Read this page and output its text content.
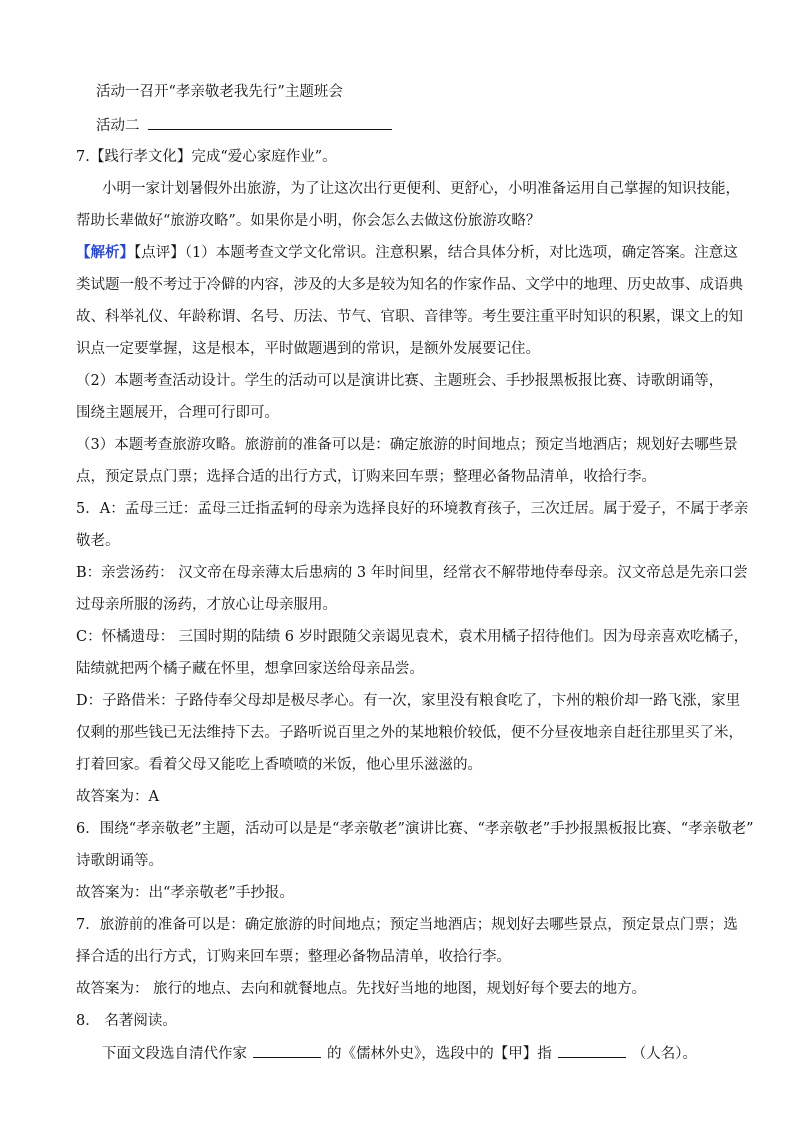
活动一召开“孝亲敬老我先行”主题班会
活动二
7.【践行孝文化】完成“爱心家庭作业”。
小明一家计划暑假外出旅游，为了让这次出行更便利、更舒心，小明准备运用自己掌握的知识技能，
帮助长辈做好“旅游攻略”。如果你是小明，你会怎么去做这份旅游攻略？
【解析】【点评】（1）本题考查文学文化常识。注意积累，结合具体分析，对比选项，确定答案。注意这
类试题一般不考过于冷僻的内容，涉及的大多是较为知名的作家作品、文学中的地理、历史故事、成语典
故、科举礼仪、年龄称谓、名号、历法、节气、官职、音律等。考生要注重平时知识的积累，课文上的知
识点一定要掌握，这是根本，平时做题遇到的常识，是额外发展要记住。
（2）本题考查活动设计。学生的活动可以是演讲比赛、主题班会、手抄报黑板报比赛、诗歌朗诵等，
围绕主题展开，合理可行即可。
（3）本题考查旅游攻略。旅游前的准备可以是：确定旅游的时间地点；预定当地酒店；规划好去哪些景
点，预定景点门票；选择合适的出行方式，订购来回车票；整理必备物品清单，收拾行李。
5．A：孟母三迁：孟母三迁指孟轲的母亲为选择良好的环境教育孩子，三次迁居。属于爱子，不属于孝亲
敬老。
B：亲尝汤药： 汉文帝在母亲薄太后患病的 3 年时间里，经常衣不解带地侍奉母亲。汉文帝总是先亲口尝
过母亲所服的汤药，才放心让母亲服用。
C：怀橘遗母： 三国时期的陆绩 6 岁时跟随父亲谒见袁术，袁术用橘子招待他们。因为母亲喜欢吃橘子，
陆绩就把两个橘子藏在怀里，想拿回家送给母亲品尝。
D：子路借米：子路侍奉父母却是极尽孝心。有一次，家里没有粮食吃了，卞州的粮价却一路飞涨，家里
仅剩的那些钱已无法维持下去。子路听说百里之外的某地粮价较低，便不分昼夜地亲自赶往那里买了米，
打着回家。看着父母又能吃上香喷喷的米饭，他心里乐滋滋的。
故答案为：A
6．围绕“孝亲敬老”主题，活动可以是是“孝亲敬老”演讲比赛、“孝亲敬老”手抄报黑板报比赛、“孝亲敬老”
诗歌朗诵等。
故答案为：出“孝亲敬老”手抄报。
7．旅游前的准备可以是：确定旅游的时间地点；预定当地酒店；规划好去哪些景点，预定景点门票；选
择合适的出行方式，订购来回车票；整理必备物品清单，收拾行李。
故答案为： 旅行的地点、去向和就餐地点。先找好当地的地图，规划好每个要去的地方。
8． 名著阅读。
下面文段选自清代作家	的《儒林外史》，选段中的【甲】指	（人名）。
